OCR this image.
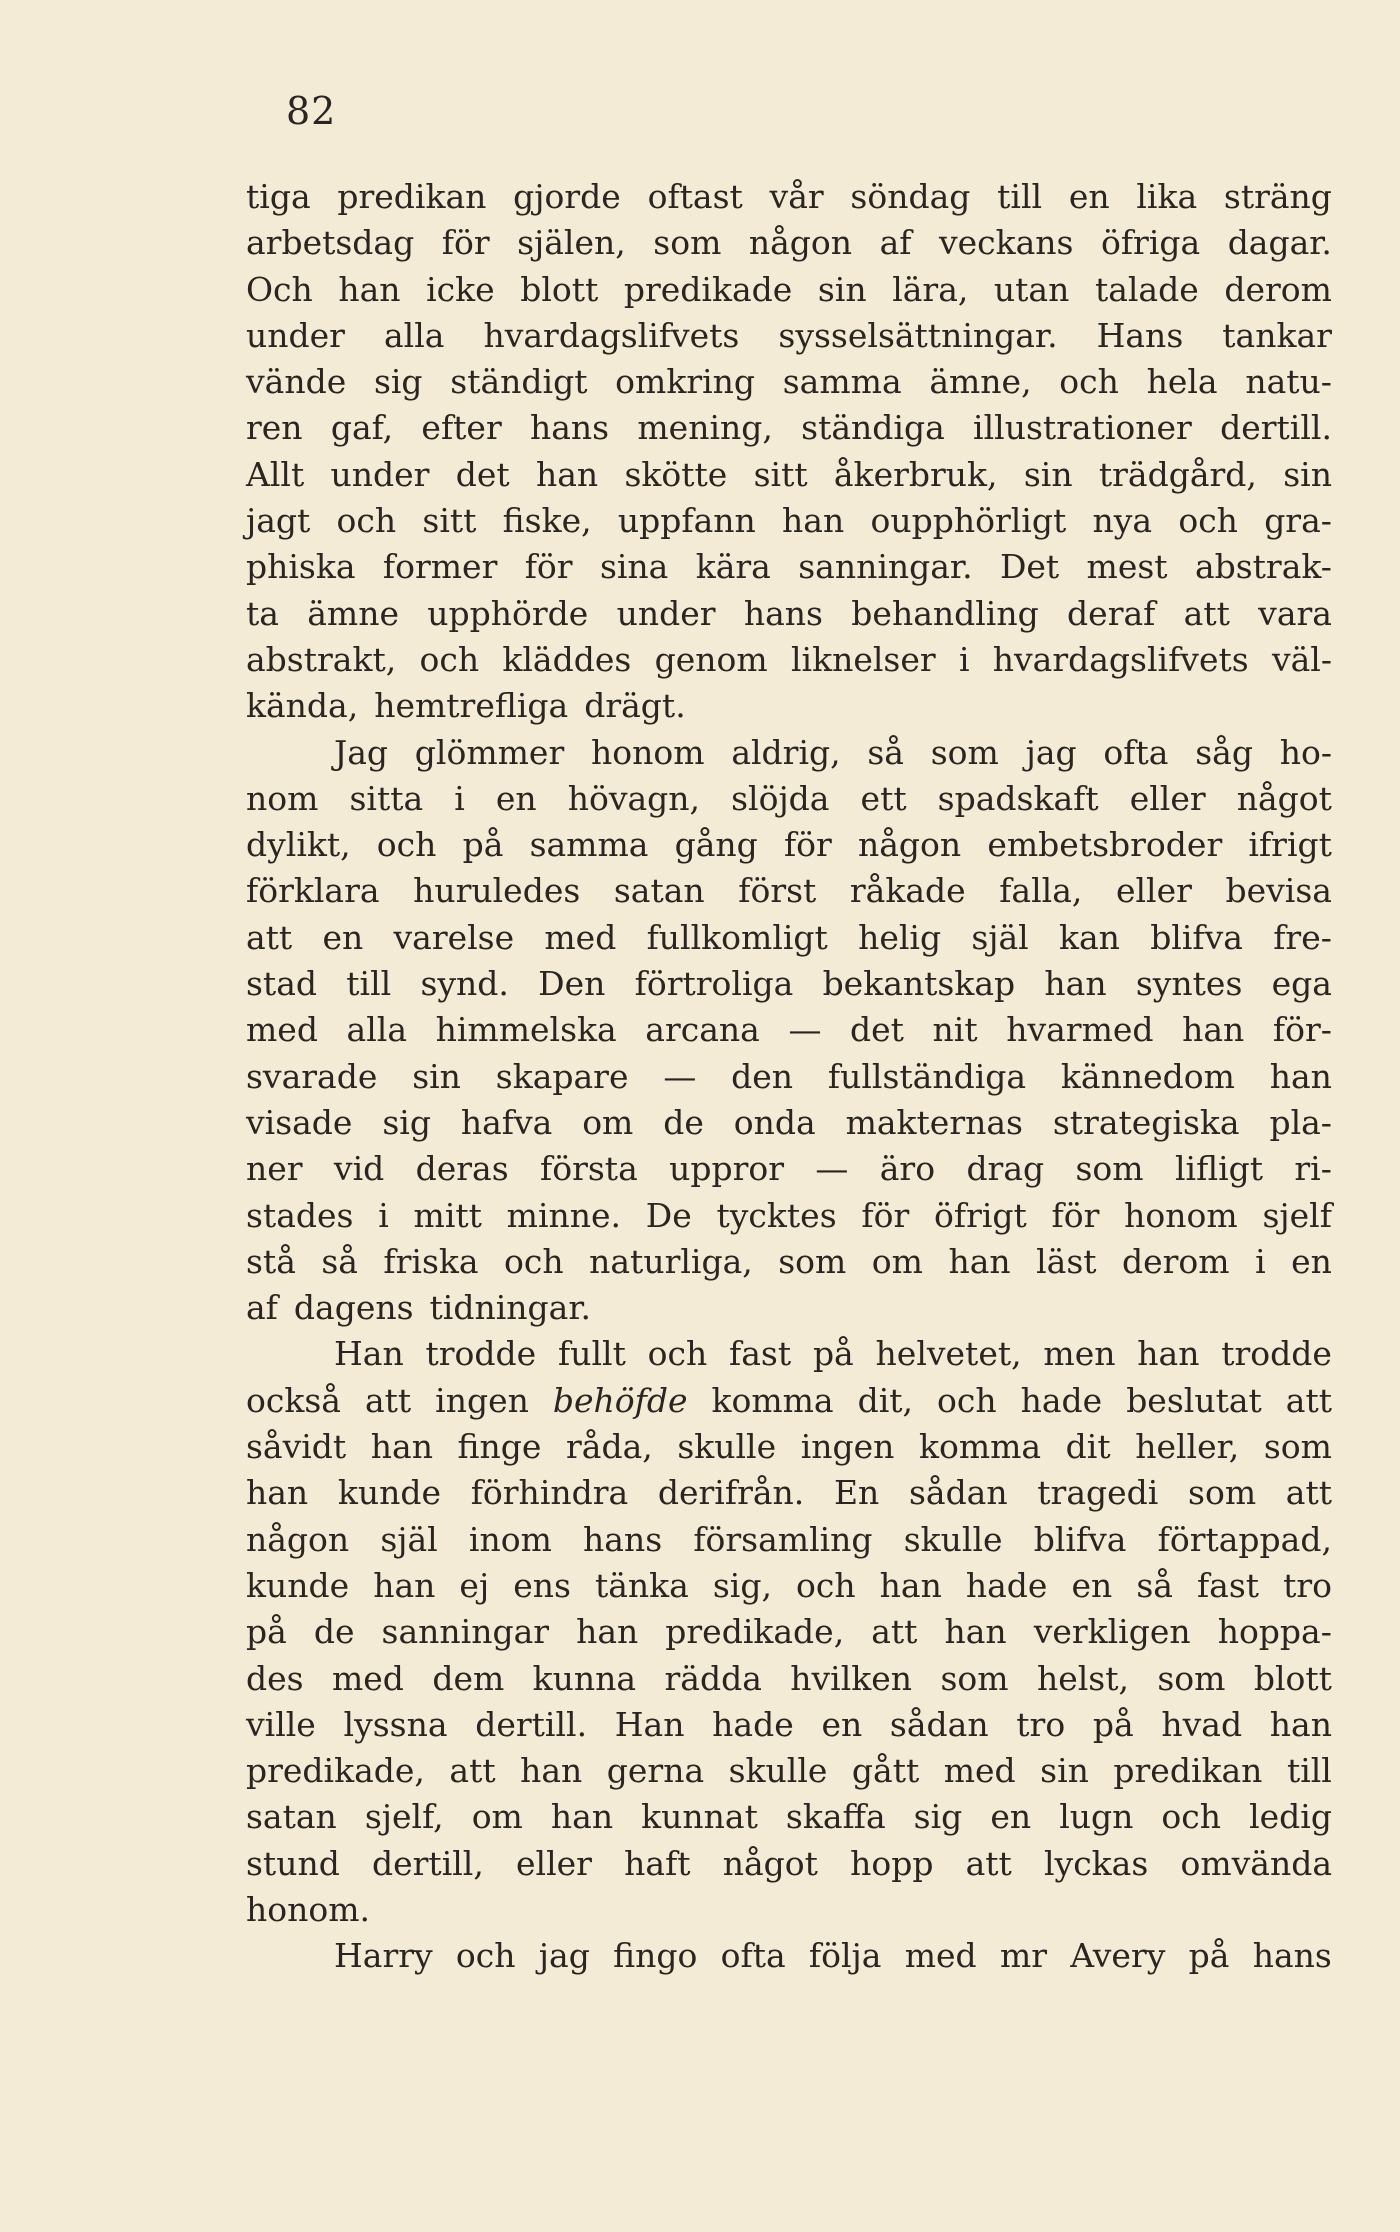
82
tiga predikan gjorde oftast vår söndag till en lika sträng
arbetsdag för själen, som någon af veckans öfriga dagar.
Och han icke blott predikade sin lära, utan talade derom
under alla hvardagslifvets sysselsättningar. Hans tankar
vände sig ständigt omkring samma ämne, och hela natu-
ren gaf, efter hans mening, ständiga illustrationer dertill.
Allt under det han skötte sitt åkerbruk, sin trädgård, sin
jagt och sitt fiske, uppfann han oupphörligt nya och gra-
phiska former för sina kära sanningar. Det mest abstrak-
ta ämne upphörde under hans behandling deraf att vara
abstrakt, och kläddes genom liknelser i hvardagslifvets väl-
kända, hemtrefliga drägt.
Jag glömmer honom aldrig, så som jag ofta såg ho-
nom sitta i en hövagn, slöjda ett spadskaft eller något
dylikt, och på samma gång för någon embetsbroder ifrigt
förklara huruledes satan först råkade falla, eller bevisa
att en varelse med fullkomligt helig själ kan blifva fre-
stad till synd. Den förtroliga bekantskap han syntes ega
med alla himmelska arcana — det nit hvarmed han för-
svarade sin skapare — den fullständiga kännedom han
visade sig hafva om de onda makternas strategiska pla-
ner vid deras första uppror — äro drag som lifligt ri-
stades i mitt minne. De tycktes för öfrigt för honom sjelf
stå så friska och naturliga, som om han läst derom i en
af dagens tidningar.
Han trodde fullt och fast på helvetet, men han trodde
också att ingen behöfde komma dit, och hade beslutat att
såvidt han finge råda, skulle ingen komma dit heller, som
han kunde förhindra derifrån. En sådan tragedi som att
någon själ inom hans församling skulle blifva förtappad,
kunde han ej ens tänka sig, och han hade en så fast tro
på de sanningar han predikade, att han verkligen hoppa-
des med dem kunna rädda hvilken som helst, som blott
ville lyssna dertill. Han hade en sådan tro på hvad han
predikade, att han gerna skulle gått med sin predikan till
satan sjelf, om han kunnat skaffa sig en lugn och ledig
stund dertill, eller haft något hopp att lyckas omvända
honom.
Harry och jag fingo ofta följa med mr Avery på hans
